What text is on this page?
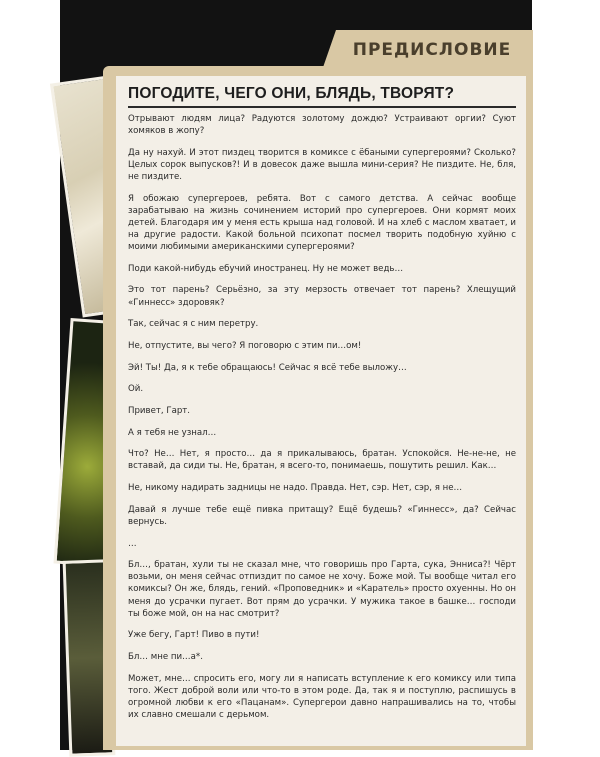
ПРЕДИСЛОВИЕ
ПОГОДИТЕ, ЧЕГО ОНИ, БЛЯДЬ, ТВОРЯТ?

Отрывают людям лица? Радуются золотому дождю? Устраивают оргии? Суют хомяков в жопу?

Да ну нахуй. И этот пиздец творится в комиксе с ёбаными супергероями? Сколько? Целых сорок выпусков?! И в довесок даже вышла мини-серия? Не пиздите. Не, бля, не пиздите.

Я обожаю супергероев, ребята. Вот с самого детства. А сейчас вообще зарабатываю на жизнь сочинением историй про супергероев. Они кормят моих детей. Благодаря им у меня есть крыша над головой. И на хлеб с маслом хватает, и на другие радости. Какой больной психопат посмел творить подобную хуйню с моими любимыми американскими супергероями?

Поди какой-нибудь ебучий иностранец. Ну не может ведь…

Это тот парень? Серьёзно, за эту мерзость отвечает тот парень? Хлещущий «Гиннесс» здоровяк?

Так, сейчас я с ним перетру.

Не, отпустите, вы чего? Я поговорю с этим пи…ом!

Эй! Ты! Да, я к тебе обращаюсь! Сейчас я всё тебе выложу…

Ой.

Привет, Гарт.

А я тебя не узнал…

Что? Не… Нет, я просто… да я прикалываюсь, братан. Успокойся. Не-не-не, не вставай, да сиди ты. Не, братан, я всего-то, понимаешь, пошутить решил. Как…

Не, никому надирать задницы не надо. Правда. Нет, сэр. Нет, сэр, я не…

Давай я лучше тебе ещё пивка притащу? Ещё будешь? «Гиннесс», да? Сейчас вернусь.

…

Бл…, братан, хули ты не сказал мне, что говоришь про Гарта, сука, Энниса?! Чёрт возьми, он меня сейчас отпиздит по самое не хочу. Боже мой. Ты вообще читал его комиксы? Он же, блядь, гений. «Проповедник» и «Каратель» просто охуенны. Но он меня до усрачки пугает. Вот прям до усрачки. У мужика такое в башке… господи ты боже мой, он на нас смотрит?

Уже бегу, Гарт! Пиво в пути!

Бл… мне пи…а*.

Может, мне… спросить его, могу ли я написать вступление к его комиксу или типа того. Жест доброй воли или что-то в этом роде. Да, так я и поступлю, распишусь в огромной любви к его «Пацанам». Супергерои давно напрашивались на то, чтобы их славно смешали с дерьмом.
